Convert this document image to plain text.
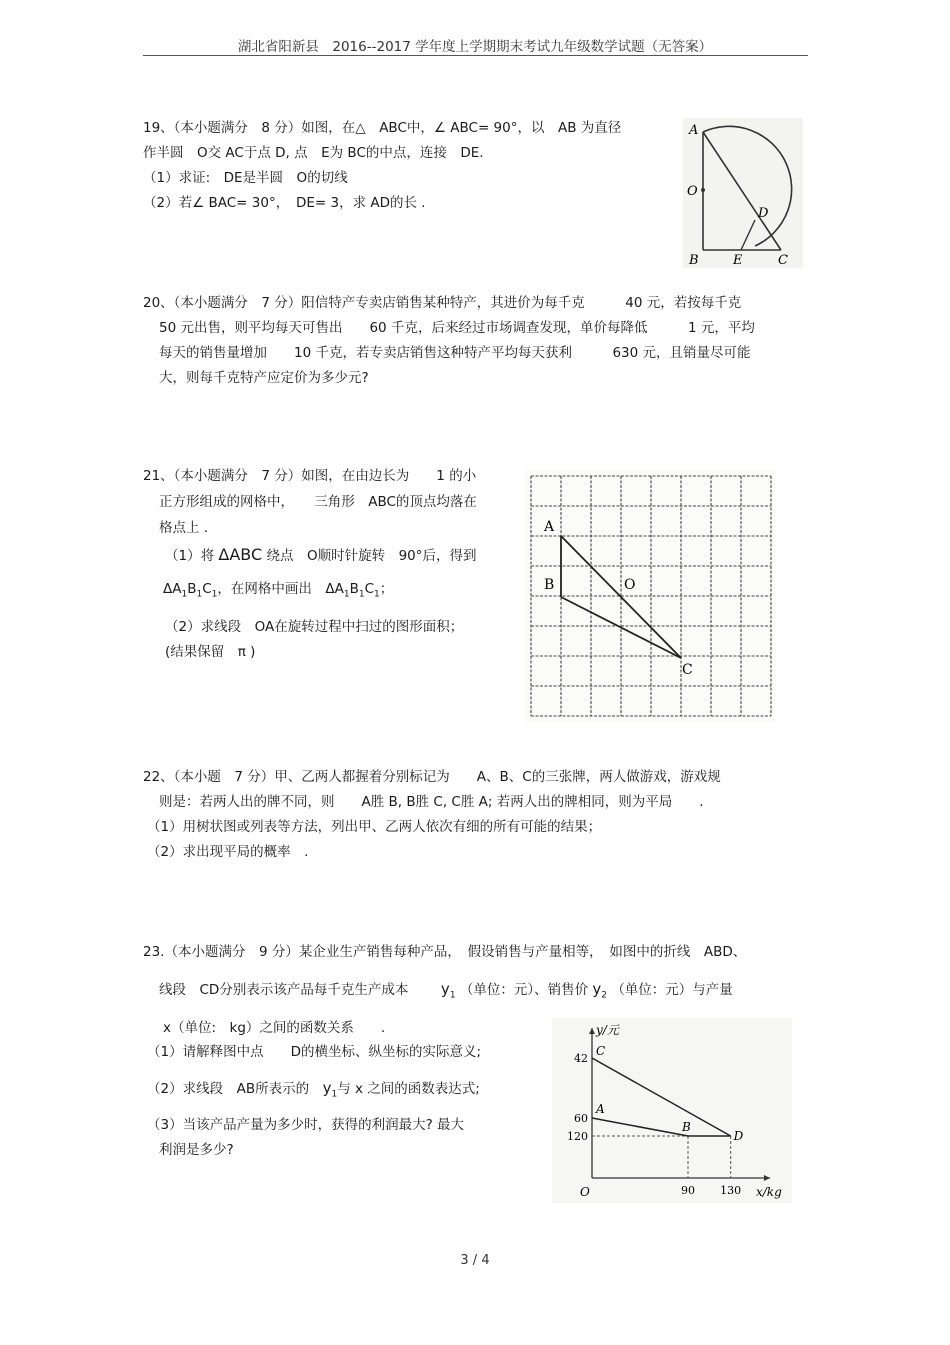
湖北省阳新县　2016--2017 学年度上学期期末考试九年级数学试题（无答案）
19、（本小题满分　8 分）如图，在△　ABC中，∠ ABC= 90°，以　AB 为直径
作半圆　O交 AC于点 D, 点　E为 BC的中点，连接　DE.
（1）求证:　DE是半圆　O的切线
（2）若∠ BAC= 30°，　DE= 3，求 AD的长 .
A
O
D
B	E	C
20、（本小题满分　7 分）阳信特产专卖店销售某种特产，其进价为每千克　　　40 元，若按每千克
50 元出售，则平均每天可售出　　60 千克，后来经过市场调查发现，单价每降低　　　1 元，平均
每天的销售量增加　　10 千克，若专卖店销售这种特产平均每天获利　　　630 元，且销量尽可能
大，则每千克特产应定价为多少元?
21、（本小题满分　7 分）如图，在由边长为　　1 的小
正方形组成的网格中，　　三角形　ABC的顶点均落在
格点上 .
（1）将 ΔABC 绕点　O顺时针旋转　90°后，得到
$\Delta A_1B_1C_1$，在网格中画出　$\Delta A_1B_1C_1$；
（2）求线段　OA在旋转过程中扫过的图形面积；
(结果保留　π )
A
B	O
C
22、（本小题　7 分）甲、乙两人都握着分别标记为　　A、B、C的三张牌，两人做游戏，游戏规
则是：若两人出的牌不同，则　　A胜 B, B胜 C, C胜 A; 若两人出的牌相同，则为平局　　.
（1）用树状图或列表等方法，列出甲、乙两人依次有细的所有可能的结果；
（2）求出现平局的概率　.
23.（本小题满分　9 分）某企业生产销售每种产品，　假设销售与产量相等，　如图中的折线　ABD、
线段　CD分别表示该产品每千克生产成本 $y_1$ （单位：元）、销售价 $y_2$ （单位：元）与产量
x（单位:　kg）之间的函数关系　　.
（1）请解释图中点　　D的横坐标、纵坐标的实际意义;
（2）求线段　AB所表示的　$y_1$与 x 之间的函数表达式;
（3）当该产品产量为多少时，获得的利润最大? 最大
利润是多少?
42
60
120
90 130
C
A
B
D
y/元
x/kg
O
3 / 4
